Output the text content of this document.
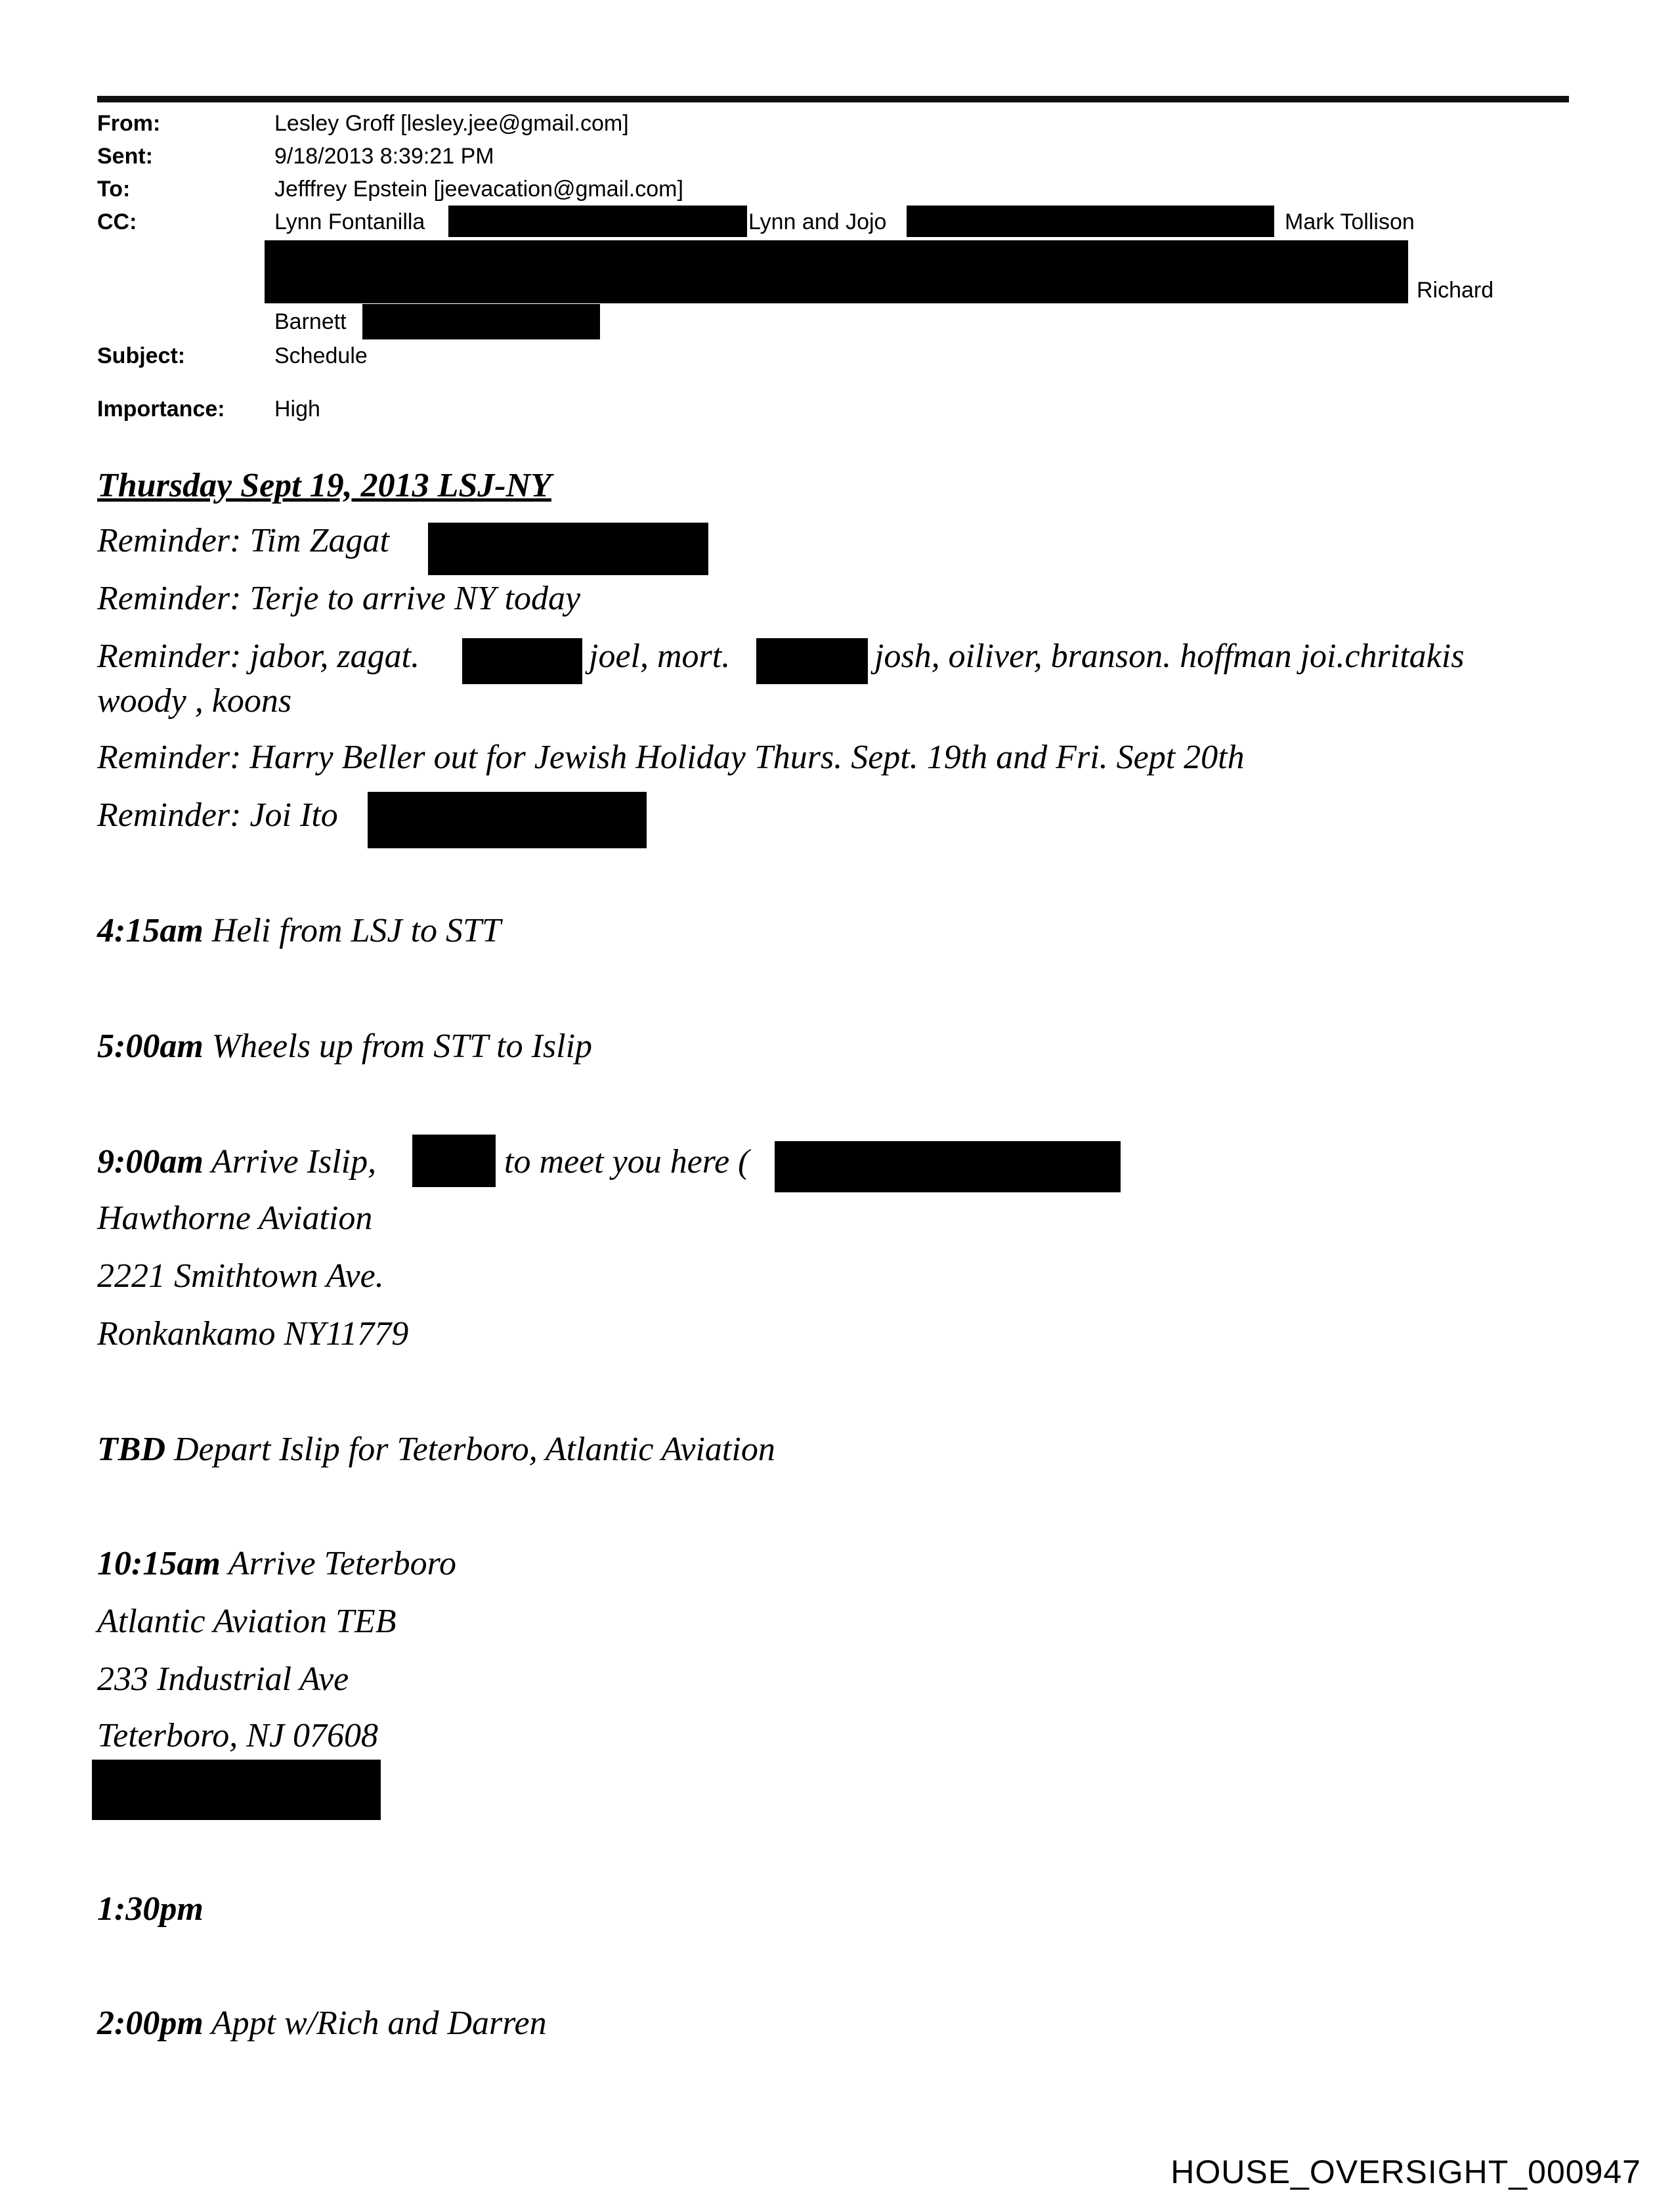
From:	Lesley Groff [lesley.jee@gmail.com]
Sent:	9/18/2013 8:39:21 PM
To:	Jefffrey Epstein [jeevacation@gmail.com]
CC:	Lynn Fontanilla	Lynn and Jojo	Mark Tollison
Richard
Barnett
Subject:	Schedule
Importance: High
Thursday Sept 19, 2013 LSJ-NY
Reminder: Tim Zagat
Reminder: Terje to arrive NY today
Reminder: jabor, zagat.	joel, mort.	josh, oiliver, branson. hoffman joi.chritakis
woody , koons
Reminder: Harry Beller out for Jewish Holiday Thurs. Sept. 19th and Fri. Sept 20th
Reminder: Joi Ito
4:15am Heli from LSJ to STT
5:00am Wheels up from STT to Islip
9:00am Arrive Islip,	to meet you here (
Hawthorne Aviation
2221 Smithtown Ave.
Ronkankamo NY11779
TBD Depart Islip for Teterboro, Atlantic Aviation
10:15am Arrive Teterboro
Atlantic Aviation TEB
233 Industrial Ave
Teterboro, NJ 07608
1:30pm
2:00pm Appt w/Rich and Darren
HOUSE_OVERSIGHT_000947
